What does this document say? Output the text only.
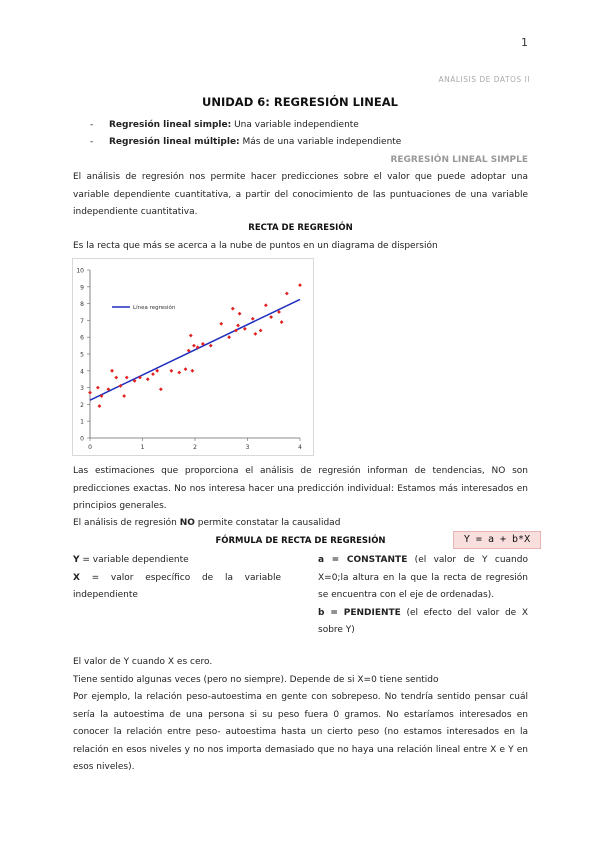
1
ANÁLISIS DE DATOS II
UNIDAD 6: REGRESIÓN LINEAL
- Regresión lineal simple: Una variable independiente
- Regresión lineal múltiple: Más de una variable independiente
REGRESIÓN LINEAL SIMPLE
El análisis de regresión nos permite hacer predicciones sobre el valor que puede adoptar una variable dependiente cuantitativa, a partir del conocimiento de las puntuaciones de una variable independiente cuantitativa.
RECTA DE REGRESIÓN
Es la recta que más se acerca a la nube de puntos en un diagrama de dispersión
0
1
2
3
4
5
6
7
8
9
10
0	1	2	3	4
Línea regresión
Las estimaciones que proporciona el análisis de regresión informan de tendencias, NO son predicciones exactas. No nos interesa hacer una predicción individual: Estamos más interesados en principios generales.
El análisis de regresión NO permite constatar la causalidad
Y = a + b*X
FÓRMULA DE RECTA DE REGRESIÓN
Y = variable dependiente
X = valor específico de la variable independiente
a = CONSTANTE (el valor de Y cuando X=0;la altura en la que la recta de regresión se encuentra con el eje de ordenadas).
b = PENDIENTE (el efecto del valor de X sobre Y)
El valor de Y cuando X es cero.
Tiene sentido algunas veces (pero no siempre). Depende de si X=0 tiene sentido
Por ejemplo, la relación peso-autoestima en gente con sobrepeso. No tendría sentido pensar cuál sería la autoestima de una persona si su peso fuera 0 gramos. No estaríamos interesados en conocer la relación entre peso- autoestima hasta un cierto peso (no estamos interesados en la relación en esos niveles y no nos importa demasiado que no haya una relación lineal entre X e Y en esos niveles).
